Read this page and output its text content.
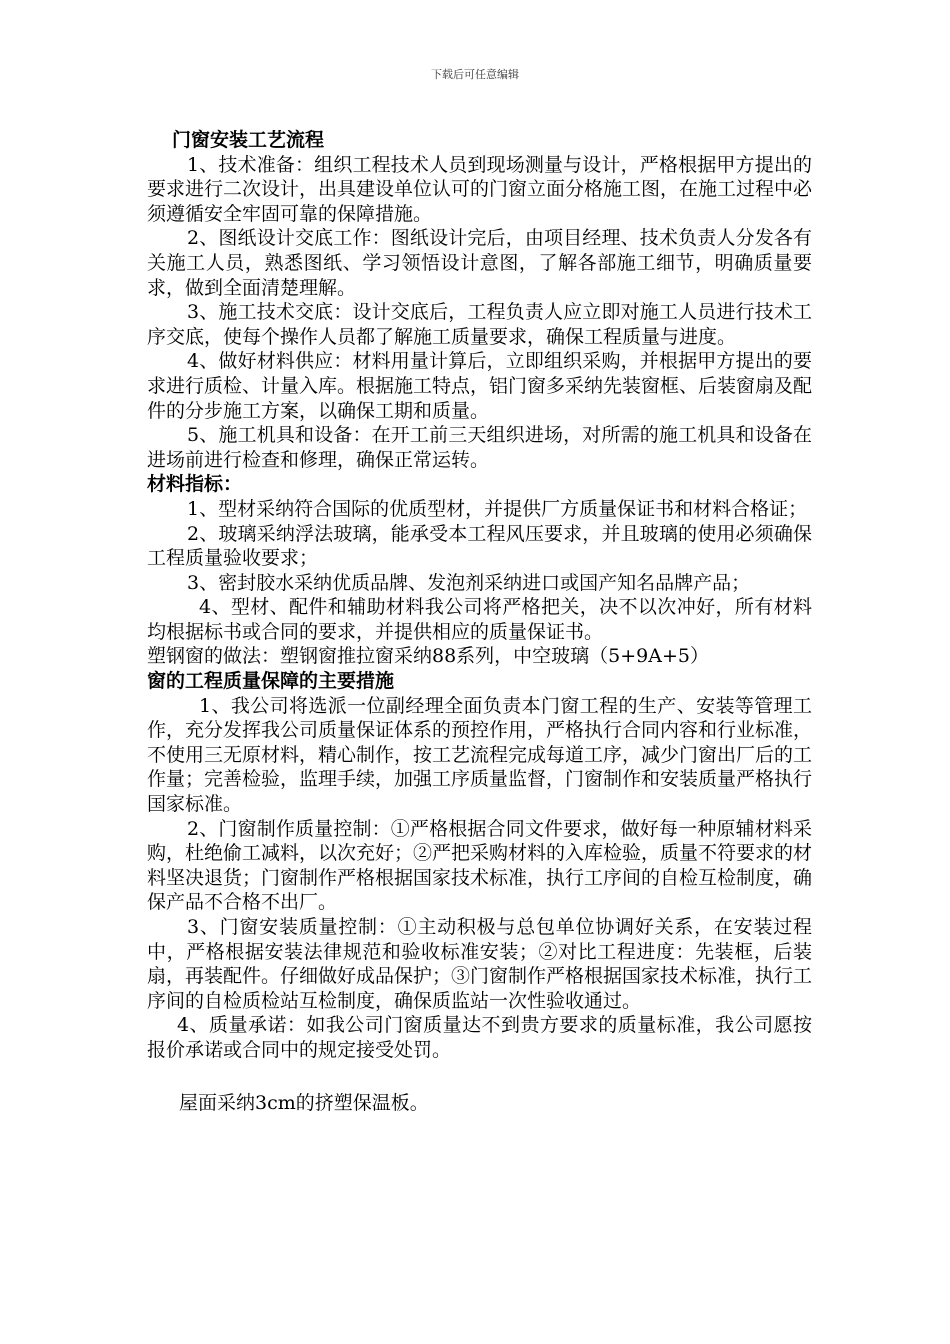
下载后可任意编辑

门窗安装工艺流程

1、技术准备：组织工程技术人员到现场测量与设计，严格根据甲方提出的要求进行二次设计，出具建设单位认可的门窗立面分格施工图，在施工过程中必须遵循安全牢固可靠的保障措施。

2、图纸设计交底工作：图纸设计完后，由项目经理、技术负责人分发各有关施工人员，熟悉图纸、学习领悟设计意图，了解各部施工细节，明确质量要求，做到全面清楚理解。

3、施工技术交底：设计交底后，工程负责人应立即对施工人员进行技术工序交底，使每个操作人员都了解施工质量要求，确保工程质量与进度。

4、做好材料供应：材料用量计算后，立即组织采购，并根据甲方提出的要求进行质检、计量入库。根据施工特点，铝门窗多采纳先装窗框、后装窗扇及配件的分步施工方案，以确保工期和质量。

5、施工机具和设备：在开工前三天组织进场，对所需的施工机具和设备在进场前进行检查和修理，确保正常运转。

材料指标：

1、型材采纳符合国际的优质型材，并提供厂方质量保证书和材料合格证；

2、玻璃采纳浮法玻璃，能承受本工程风压要求，并且玻璃的使用必须确保工程质量验收要求；

3、密封胶水采纳优质品牌、发泡剂采纳进口或国产知名品牌产品；

4、型材、配件和辅助材料我公司将严格把关，决不以次冲好，所有材料均根据标书或合同的要求，并提供相应的质量保证书。

塑钢窗的做法：塑钢窗推拉窗采纳88系列，中空玻璃（5+9A+5）

窗的工程质量保障的主要措施

1、我公司将选派一位副经理全面负责本门窗工程的生产、安装等管理工作，充分发挥我公司质量保证体系的预控作用，严格执行合同内容和行业标准，不使用三无原材料，精心制作，按工艺流程完成每道工序，减少门窗出厂后的工作量；完善检验，监理手续，加强工序质量监督，门窗制作和安装质量严格执行国家标准。

2、门窗制作质量控制：①严格根据合同文件要求，做好每一种原辅材料采购，杜绝偷工减料，以次充好；②严把采购材料的入库检验，质量不符要求的材料坚决退货；门窗制作严格根据国家技术标准，执行工序间的自检互检制度，确保产品不合格不出厂。

3、门窗安装质量控制：①主动积极与总包单位协调好关系，在安装过程中，严格根据安装法律规范和验收标准安装；②对比工程进度：先装框，后装扇，再装配件。仔细做好成品保护；③门窗制作严格根据国家技术标准，执行工序间的自检质检站互检制度，确保质监站一次性验收通过。

4、质量承诺：如我公司门窗质量达不到贵方要求的质量标准，我公司愿按报价承诺或合同中的规定接受处罚。

屋面采纳3cm的挤塑保温板。
